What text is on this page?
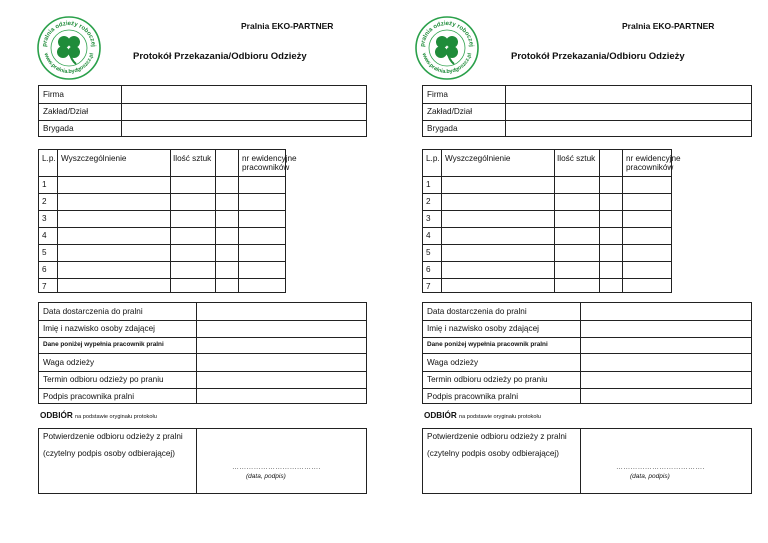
pralnia odzieży roboczej
www.pralnia.bydgoszcz.pl
Pralnia EKO-PARTNER
Protokół Przekazania/Odbioru Odzieży
Firma
Zakład/Dział
Brygada
L.p. Wyszczególnienie	Ilość sztuk	nr ewidencyjne pracowników
1
2
3
4
5
6
7
Data dostarczenia do pralni
Imię i nazwisko osoby zdającej
Dane poniżej wypełnia pracownik pralni
Waga odzieży
Termin odbioru odzieży po praniu
Podpis pracownika pralni
ODBIÓR na podstawie oryginału protokołu
Potwierdzenie odbioru odzieży z pralni
(czytelny podpis osoby odbierającej)
……………………………….
(data, podpis)
pralnia odzieży roboczej
www.pralnia.bydgoszcz.pl
Pralnia EKO-PARTNER
Protokół Przekazania/Odbioru Odzieży
Firma
Zakład/Dział
Brygada
L.p. Wyszczególnienie	Ilość sztuk	nr ewidencyjne pracowników
1
2
3
4
5
6
7
Data dostarczenia do pralni
Imię i nazwisko osoby zdającej
Dane poniżej wypełnia pracownik pralni
Waga odzieży
Termin odbioru odzieży po praniu
Podpis pracownika pralni
ODBIÓR na podstawie oryginału protokołu
Potwierdzenie odbioru odzieży z pralni
(czytelny podpis osoby odbierającej)
……………………………….
(data, podpis)
